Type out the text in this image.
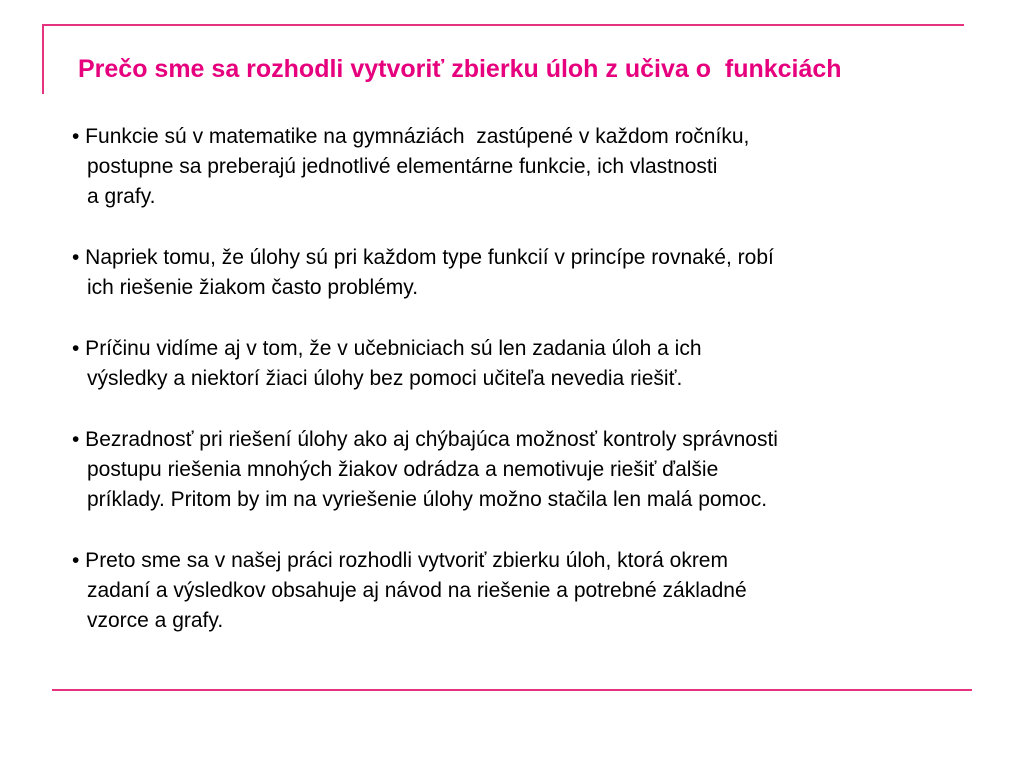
Prečo sme sa rozhodli vytvoriť zbierku úloh z učiva o  funkciách
• Funkcie sú v matematike na gymnáziách  zastúpené v každom ročníku,
postupne sa preberajú jednotlivé elementárne funkcie, ich vlastnosti
a grafy.
• Napriek tomu, že úlohy sú pri každom type funkcií v princípe rovnaké, robí
ich riešenie žiakom často problémy.
• Príčinu vidíme aj v tom, že v učebniciach sú len zadania úloh a ich
výsledky a niektorí žiaci úlohy bez pomoci učiteľa nevedia riešiť.
• Bezradnosť pri riešení úlohy ako aj chýbajúca možnosť kontroly správnosti
postupu riešenia mnohých žiakov odrádza a nemotivuje riešiť ďalšie
príklady. Pritom by im na vyriešenie úlohy možno stačila len malá pomoc.
• Preto sme sa v našej práci rozhodli vytvoriť zbierku úloh, ktorá okrem
zadaní a výsledkov obsahuje aj návod na riešenie a potrebné základné
vzorce a grafy.
